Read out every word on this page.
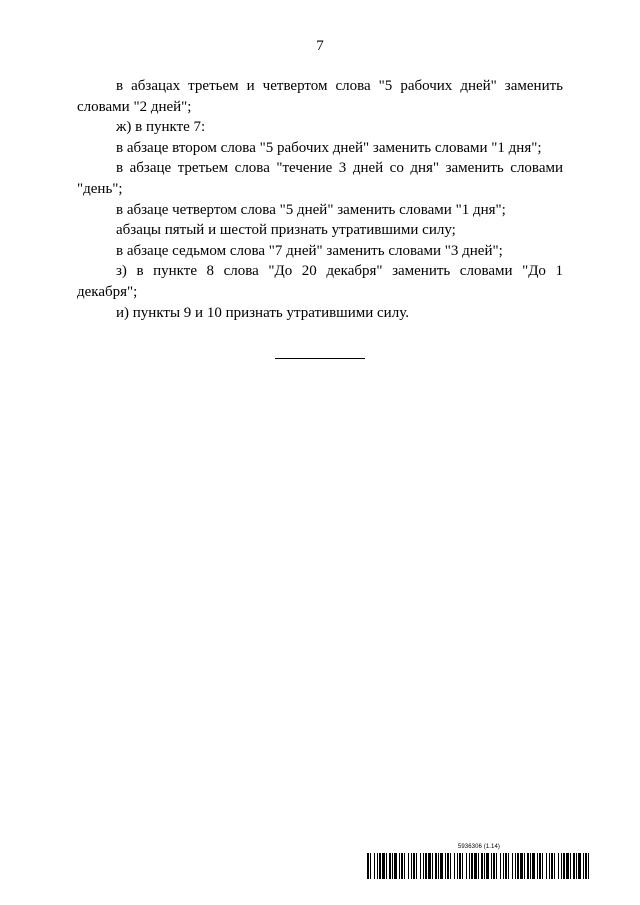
7

в абзацах третьем и четвертом слова "5 рабочих дней" заменить словами "2 дней";

ж) в пункте 7:

в абзаце втором слова "5 рабочих дней" заменить словами "1 дня";

в абзаце третьем слова "течение 3 дней со дня" заменить словами "день";

в абзаце четвертом слова "5 дней" заменить словами "1 дня";

абзацы пятый и шестой признать утратившими силу;

в абзаце седьмом слова "7 дней" заменить словами "3 дней";

з) в пункте 8 слова "До 20 декабря" заменить словами "До 1 декабря";

и) пункты 9 и 10 признать утратившими силу.

5936306 (1.14)
